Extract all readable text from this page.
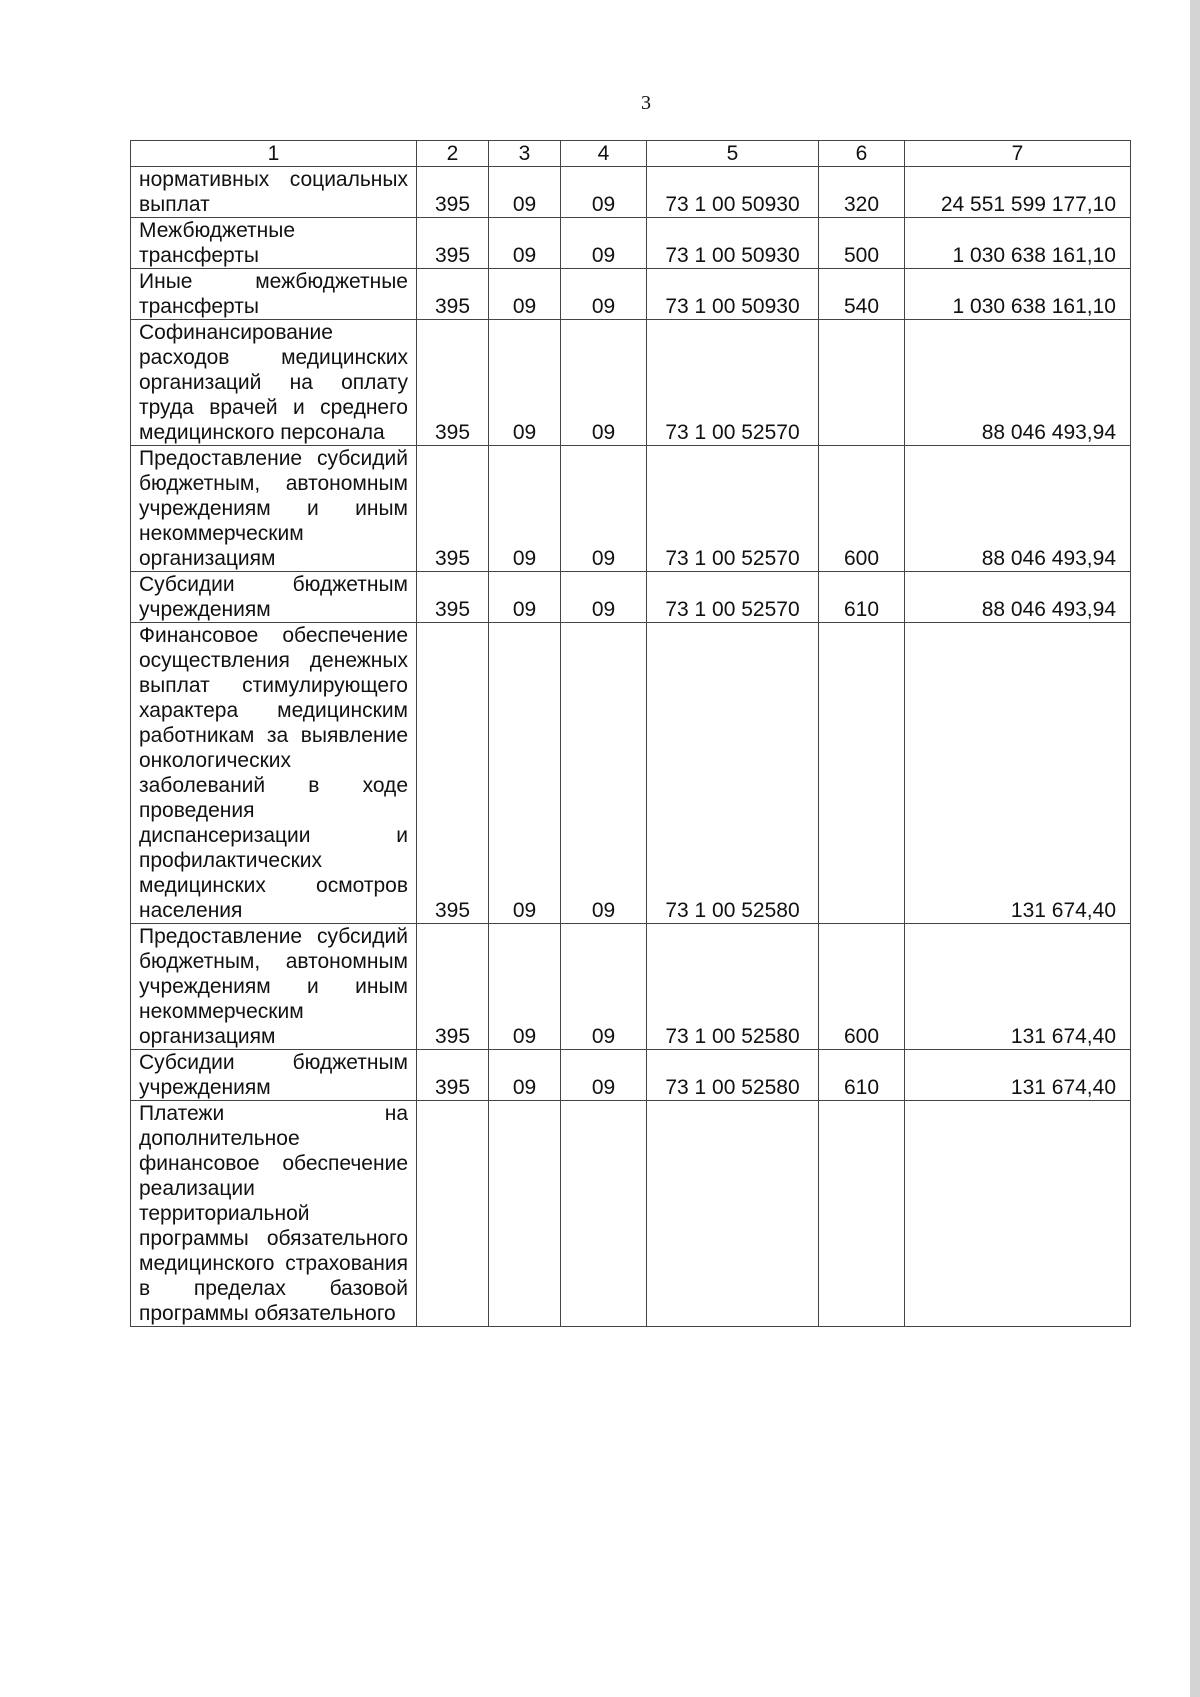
3
1	2	3	4	5	6	7
нормативных социальных выплат	395	09	09	73 1 00 50930	320	24 551 599 177,10
Межбюджетные трансферты	395	09	09	73 1 00 50930	500	1 030 638 161,10
Иные межбюджетные трансферты	395	09	09	73 1 00 50930	540	1 030 638 161,10
Софинансирование расходов медицинских организаций на оплату труда врачей и среднего медицинского персонала	395	09	09	73 1 00 52570		88 046 493,94
Предоставление субсидий бюджетным, автономным учреждениям и иным некоммерческим организациям	395	09	09	73 1 00 52570	600	88 046 493,94
Субсидии бюджетным учреждениям	395	09	09	73 1 00 52570	610	88 046 493,94
Финансовое обеспечение осуществления денежных выплат стимулирующего характера медицинским работникам за выявление онкологических заболеваний в ходе проведения диспансеризации и профилактических медицинских осмотров населения	395	09	09	73 1 00 52580		131 674,40
Предоставление субсидий бюджетным, автономным учреждениям и иным некоммерческим организациям	395	09	09	73 1 00 52580	600	131 674,40
Субсидии бюджетным учреждениям	395	09	09	73 1 00 52580	610	131 674,40
Платежи на дополнительное финансовое обеспечение реализации территориальной программы обязательного медицинского страхования в пределах базовой программы обязательного						
